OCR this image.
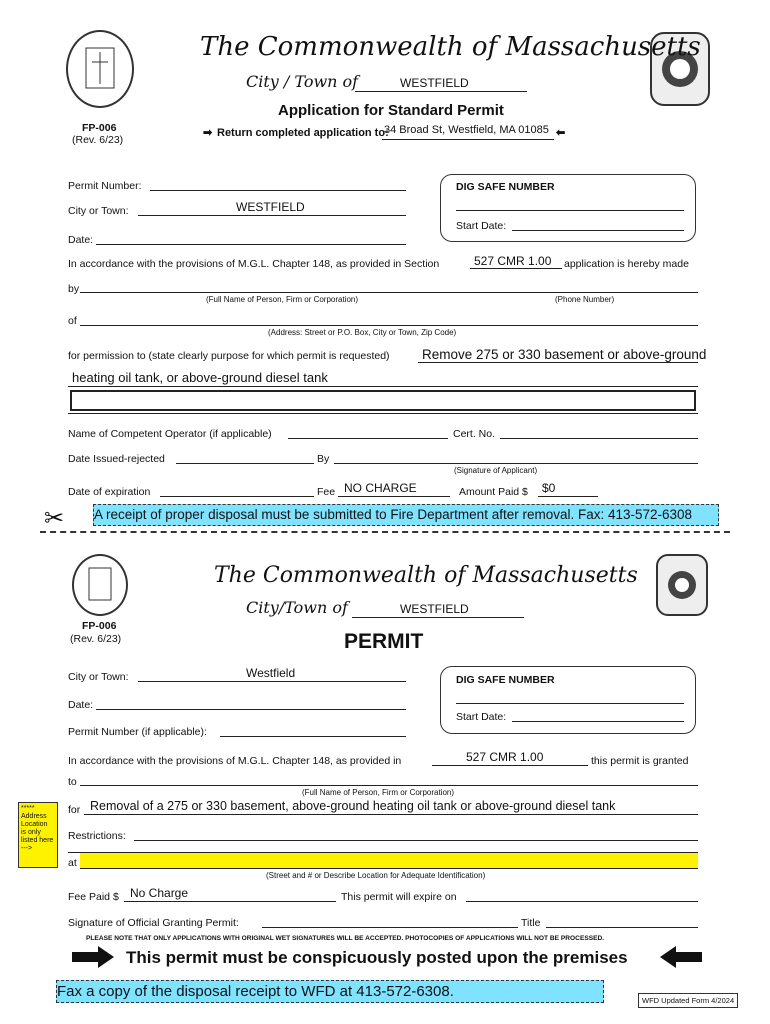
The Commonwealth of Massachusetts
City / Town of	WESTFIELD
Application for Standard Permit
FP-006
(Rev. 6/23)
➡ Return completed application to:
34 Broad St, Westfield, MA 01085 ⬅
Permit Number:
City or Town:	WESTFIELD
Date:
DIG SAFE NUMBER
Start Date:
In accordance with the provisions of M.G.L. Chapter 148, as provided in Section	527 CMR 1.00 application is hereby made
by
(Full Name of Person, Firm or Corporation)	(Phone Number)
of
(Address: Street or P.O. Box, City or Town, Zip Code)
for permission to (state clearly purpose for which permit is requested) Remove 275 or 330 basement or above-ground
heating oil tank, or above-ground diesel tank
Name of Competent Operator (if applicable)	Cert. No.
Date Issued-rejected	By
(Signature of Applicant)
Date of expiration	Fee NO CHARGE	Amount Paid $ $0
✂ A receipt of proper disposal must be submitted to Fire Department after removal. Fax: 413-572-6308
The Commonwealth of Massachusetts
City/Town of	WESTFIELD
FP-006
(Rev. 6/23)	PERMIT
City or Town:	Westfield
Date:
Permit Number (if applicable):
DIG SAFE NUMBER
Start Date:
In accordance with the provisions of M.G.L. Chapter 148, as provided in	527 CMR 1.00	this permit is granted
to
(Full Name of Person, Firm or Corporation)
*****
Address
Location
is only
listed here
--->
for Removal of a 275 or 330 basement, above-ground heating oil tank or above-ground diesel tank
Restrictions:
at
(Street and # or Describe Location for Adequate Identification)
Fee Paid $ No Charge	This permit will expire on
Signature of Official Granting Permit:	Title
PLEASE NOTE THAT ONLY APPLICATIONS WITH ORIGINAL WET SIGNATURES WILL BE ACCEPTED. PHOTOCOPIES OF APPLICATIONS WILL NOT BE PROCESSED.
This permit must be conspicuously posted upon the premises
Fax a copy of the disposal receipt to WFD at 413-572-6308.
WFD Updated Form 4/2024
